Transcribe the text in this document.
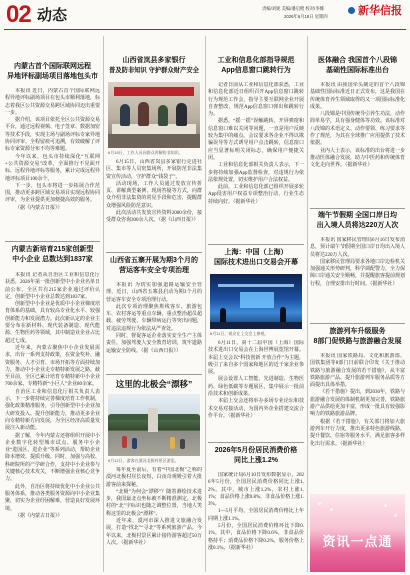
02 动态	责编/刘妮 美编/潘启楷 校对/李娜
2026年6月18日 星期四	新华信报
内蒙古首个国际联网远程
异地评标副场项目落地包头市

本报讯 近日，内蒙古首个国际联网远程异地评标副场项目在包头市顺利落地，标志着我区公共资源交易跨区域协同迈出重要一步。

据介绍，该项目依托全区公共资源交易平台，通过远程视频、电子签章、数据加密等技术手段，实现主场与副场评标专家异地协同评审、全程留痕可追溯，有效破解了评标专家资源分布不均等难题。

今年以来，包头市持续深化“互联网+公共资源交易”改革，全面推行不见面开标、远程异地评标等服务，累计完成远程异地评标项目100余个。

下一步，包头市将进一步拓展合作范围，推动更多跨区域交易项目实现远程协同评审，为企业提供更加便捷高效的服务。

（据《内蒙古日报》）

内蒙古新培育215家创新型
中小企业 总数达到1837家

本报讯 记者从自治区工业和信息化厅获悉，2026年第一批创新型中小企业名单日前公布，全区共有215家企业通过评价认定，创新型中小企业总数达到1837家。

创新型中小企业是优质中小企业梯度培育体系的基础，具有较高专业化水平、较强创新能力和发展潜力。此次新认定的企业主要分布在新材料、现代装备制造、现代能源、生物医药等领域，其中制造业企业占比超过七成。

近年来，内蒙古聚焦中小企业发展需求，出台一系列支持政策，在资金奖补、融资服务、人才引育、市场开拓等方面持续加力，推动中小企业走专精特新发展之路。截至目前，全区已累计培育专精特新中小企业700余家、专精特新“小巨人”企业80余家。

自治区工业和信息化厅相关负责人表示，下一步将持续完善梯度培育工作机制，强化政策精准服务，引导创新型中小企业加大研发投入、提升创新能力，推动更多企业向专精特新方向发展，为全区经济高质量发展注入新动能。

据了解，今年内蒙古还将组织开展中小企业数字化转型城市试点、服务中小企业“进园区、进企业”等系列活动，帮助企业降本增效、提质升级。同时，加强与高校、科研院所的产学研合作，支持中小企业参与关键核心技术攻关，不断增强企业核心竞争力。

此外，自治区将持续优化中小企业公共服务体系，推动各类服务资源向中小企业集聚，切实为企业纾困解难，营造良好发展环境。

（据《内蒙古日报》）

山西省岚县多家银行
普及防非知识 守护群众财产安全
6月15日，工作人员向群众讲解防非知识。

6月15日，山西省岚县多家银行走进社区、集市等人员密集场所，开展防范非法集资宣传活动，守护群众“钱袋子”。

活动现场，工作人员通过发放宣传折页、讲解典型案例、现场答疑等方式，向群众介绍非法集资的常见手段和危害，提醒群众增强风险防范意识。

此次活动共发放宣传资料2000余份，接受群众咨询300余人次。（据《山西日报》）

山西省五寨开展为期3个月的
营运客车安全专项治理

本报讯 为切实加强道路运输安全管理，近日，山西省五寨县启动为期3个月的营运客车安全专项治理行动。

此次专项治理聚焦班线客车、旅游包车、农村客运等重点车辆，重点整治超员超载、疲劳驾驶、车辆带病运行等突出问题，对违法违规行为依法从严查处。

同时，督促客运企业落实安全生产主体责任，加强驾驶人安全教育培训，筑牢道路运输安全防线。（据《山西日报》）

这里的北极会“漂移”
6月12日，游客在漠河北极村景区游览。

每年夏至前后，有着“中国北极”之称的漠河北极村昼长夜短，白夜奇观吸引着大批游客前来探秘。

“北极”为何会“漂移”？随着测绘技术进步，我国最北点坐标被不断精准测定，北极村的“北”字标识也随之调整位置，当地人笑称这里的北极会“漂移”。

近年来，漠河市深入推进文旅融合发展，打造“找北”“寻北”等系列旅游产品。今年以来，北极村景区累计接待游客超过50万人次。（据新华社）

工业和信息化部指导规范
App信息窗口跳转行为

记者日前从工业和信息化部获悉，工业和信息化部近日组织召开App信息窗口跳转行为规范工作会，指导主要互联网企业开展自查整改，规范App信息窗口弹出和跳转行为。

据悉，“摇一摇”误触跳转、开屏弹窗和信息窗口难以关闭等问题，一直是用户反映较为集中的痛点。会议要求各企业不得以欺骗误导等方式诱导用户点击跳转，信息窗口应当显著标明关闭标志，确保用户便捷关闭。

工业和信息化部相关负责人表示，下一步将持续加强App监督检查，对违规行为依法依规处置，切实维护用户合法权益。

此前，工业和信息化部已组织开展多轮App侵害用户权益专项整治行动，行业生态持续向好。（据新华社）

上海：中国（上海）
国际技术进出口交易会开幕
6月11日，观众在上交会上参观。

6月11日，第十二届中国（上海）国际技术进出口交易会在上海世博展览馆开幕。本届上交会以“科技创新 开放合作”为主题，吸引了来自多个国家和地区的近千家企业参展。

展会设置人工智能、先进制造、生物医药、绿色低碳等专题展区，集中展示一批前沿技术和创新成果。

本届上交会还将举办多场专业论坛和技术交易对接活动，为国内外企业搭建交流合作平台。（据新华社）

2026年5月份居民消费价格
同比上涨1.2%

国家统计局6月10日发布数据显示，2026年5月份，全国居民消费价格同比上涨1.2%。其中，城市上涨1.2%，农村上涨1.1%；食品价格上涨0.8%，非食品价格上涨1.3%。

1—5月平均，全国居民消费价格比上年同期上涨1.1%。

5月份，全国居民消费价格环比下降0.1%。其中，食品价格下降0.6%，非食品价格持平；消费品价格下降0.2%，服务价格上涨0.1%。（据新华社）

医体融合 我国首个八段锦
基础性国际标准出台

本报讯 由我国牵头制定的首个八段锦基础性国际标准近日正式发布，这是我国在传统体育养生领域取得的又一项国际标准化成果。

八段锦是中国传统导引养生功法，动作简单易学，具有强身健体等功效。该标准对八段锦的术语定义、动作要领、练习要求等作了规范，为其在全球推广应用提供了技术依据。

业内人士表示，该标准的出台将进一步推动医体融合发展，助力中医药和传统体育文化走向世界。（据新华社）

端午节假期 全国口岸日均
出入境人员将达220万人次

本报讯 国家移民管理局6月16日发布消息，预计端午节假期全国口岸日均出入境人员将达220万人次。

国家移民管理局要求各地口岸边检机关加强通关形势研判，科学调配警力，全力保障口岸通关安全顺畅，并提醒旅客提前规划行程，合理安排出行时间。（据新华社）

旅游列车升级服务
8部门促铁路与旅游融合发展

本报讯 国家铁路局、文化和旅游部、国铁集团等8部门日前联合印发《关于推动铁路与旅游融合发展的若干措施》，从丰富铁路旅游产品、提升旅游列车服务品质等方面提出具体举措。

《若干措施》提出，到2030年，铁路与旅游融合发展的体制机制更加完善，铁路旅游产品供给更加丰富，形成一批具有较强影响力的铁路旅游品牌。

根据《若干措施》，有关部门将加大旅游列车开行力度，推出更多特色旅游线路，提升餐饮、住宿等服务水平，满足旅客多样化出行需求。（据新华社）

资讯一点通
